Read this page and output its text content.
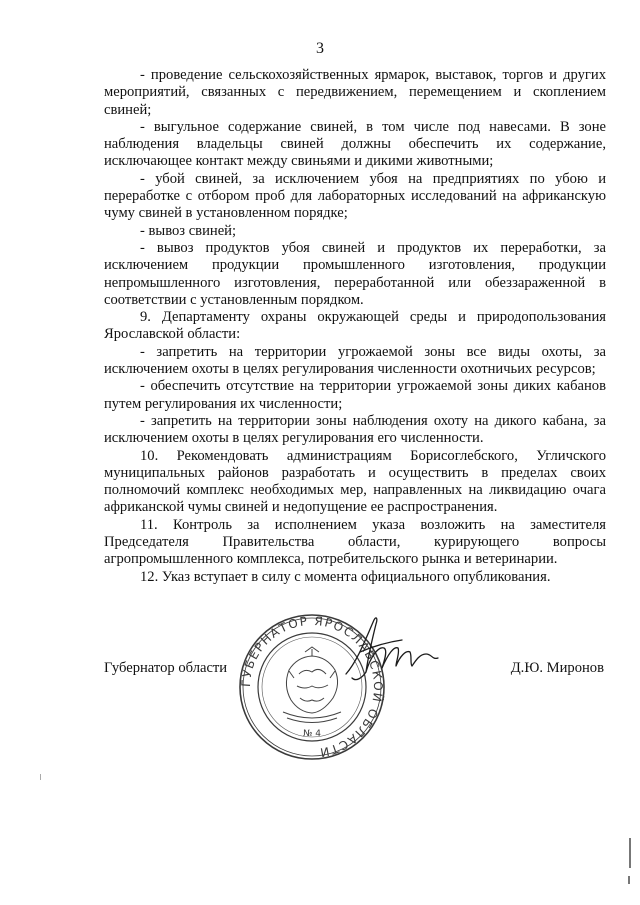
3

- проведение сельскохозяйственных ярмарок, выставок, торгов и других мероприятий, связанных с передвижением, перемещением и скоплением свиней;

- выгульное содержание свиней, в том числе под навесами. В зоне наблюдения владельцы свиней должны обеспечить их содержание, исключающее контакт между свиньями и дикими животными;

- убой свиней, за исключением убоя на предприятиях по убою и переработке с отбором проб для лабораторных исследований на африканскую чуму свиней в установленном порядке;

- вывоз свиней;

- вывоз продуктов убоя свиней и продуктов их переработки, за исключением продукции промышленного изготовления, продукции непромышленного изготовления, переработанной или обеззараженной в соответствии с установленным порядком.

9. Департаменту охраны окружающей среды и природопользования Ярославской области:

- запретить на территории угрожаемой зоны все виды охоты, за исключением охоты в целях регулирования численности охотничьих ресурсов;

- обеспечить отсутствие на территории угрожаемой зоны диких кабанов путем регулирования их численности;

- запретить на территории зоны наблюдения охоту на дикого кабана, за исключением охоты в целях регулирования его численности.

10. Рекомендовать администрациям Борисоглебского, Угличского муниципальных районов разработать и осуществить в пределах своих полномочий комплекс необходимых мер, направленных на ликвидацию очага африканской чумы свиней и недопущение ее распространения.

11. Контроль за исполнением указа возложить на заместителя Председателя Правительства области, курирующего вопросы агропромышленного комплекса, потребительского рынка и ветеринарии.

12. Указ вступает в силу с момента официального опубликования.

Губернатор области	Д.Ю. Миронов
ГУБЕРНАТОР ЯРОСЛАВСКОЙ ОБЛАСТИ
№ 4
